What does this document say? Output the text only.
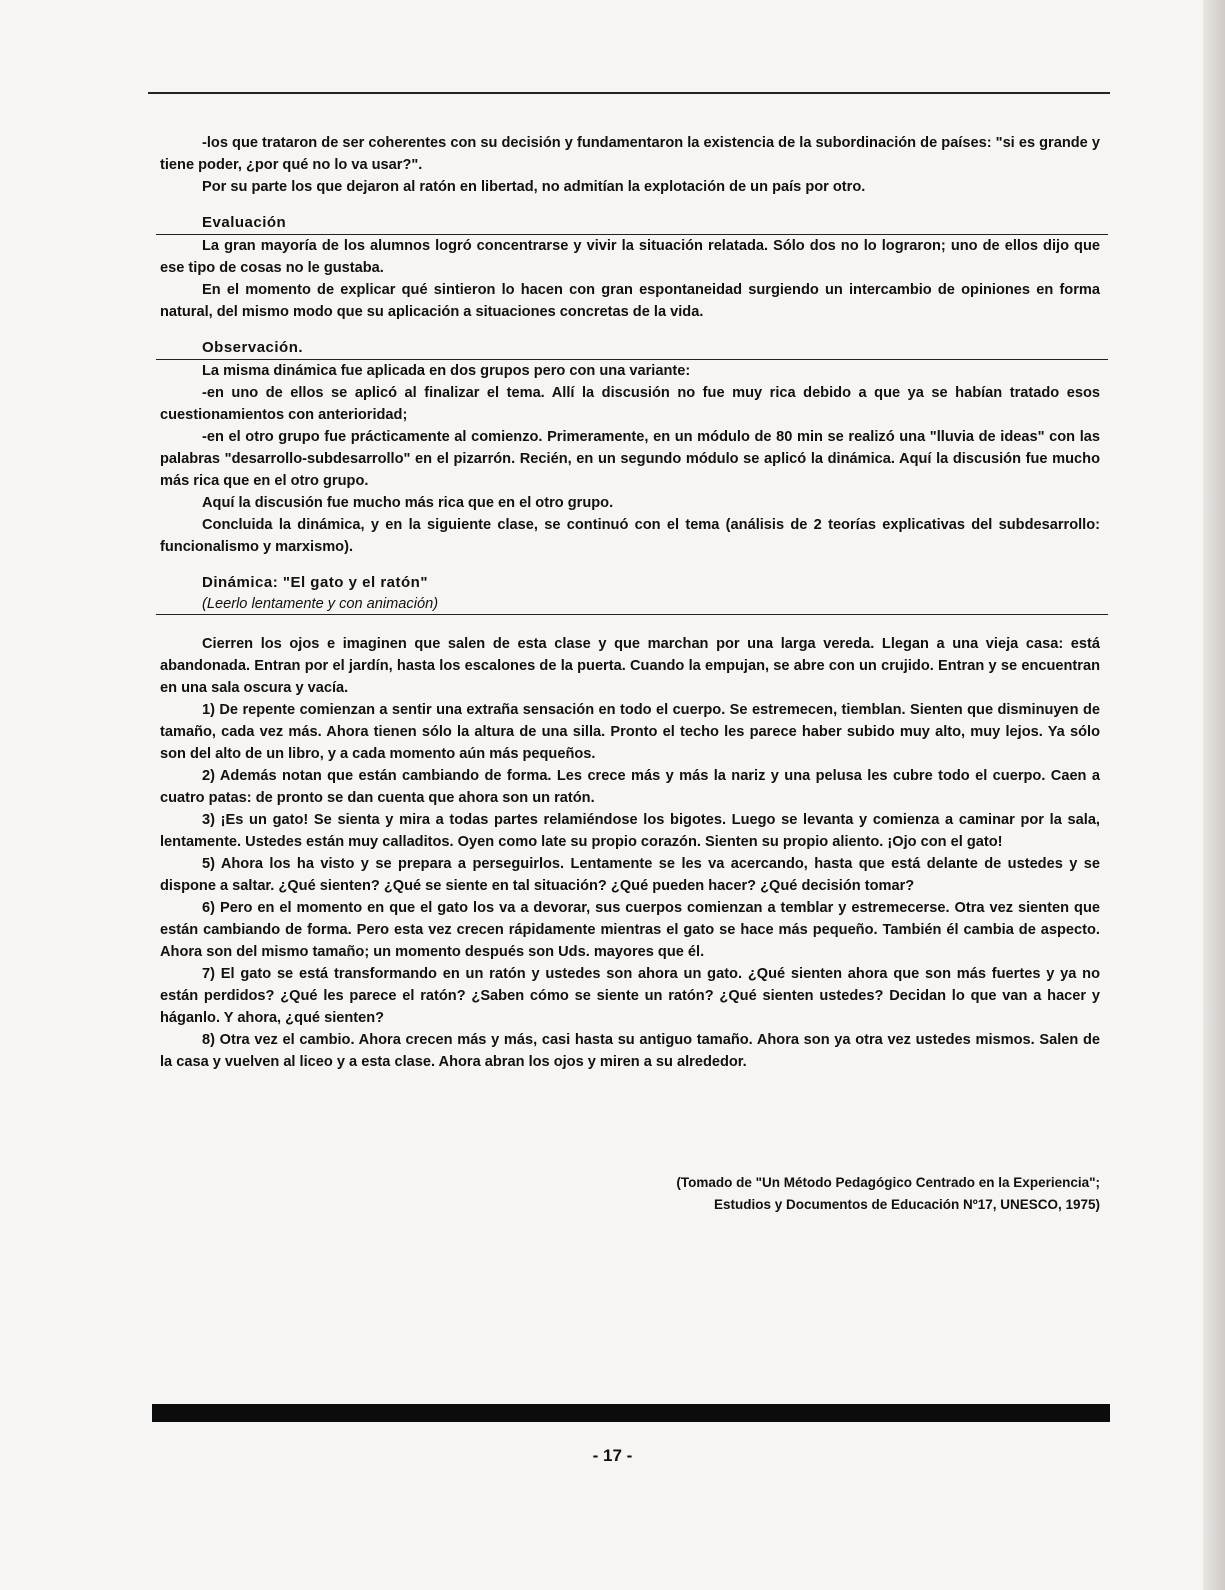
-los que trataron de ser coherentes con su decisión y fundamentaron la existencia de la subordinación de países: "si es grande y tiene poder, ¿por qué no lo va usar?".

Por su parte los que dejaron al ratón en libertad, no admitían la explotación de un país por otro.

Evaluación

La gran mayoría de los alumnos logró concentrarse y vivir la situación relatada. Sólo dos no lo lograron; uno de ellos dijo que ese tipo de cosas no le gustaba.

En el momento de explicar qué sintieron lo hacen con gran espontaneidad surgiendo un intercambio de opiniones en forma natural, del mismo modo que su aplicación a situaciones concretas de la vida.

Observación.

La misma dinámica fue aplicada en dos grupos pero con una variante:

-en uno de ellos se aplicó al finalizar el tema. Allí la discusión no fue muy rica debido a que ya se habían tratado esos cuestionamientos con anterioridad;

-en el otro grupo fue prácticamente al comienzo. Primeramente, en un módulo de 80 min se realizó una "lluvia de ideas" con las palabras "desarrollo-subdesarrollo" en el pizarrón. Recién, en un segundo módulo se aplicó la dinámica. Aquí la discusión fue mucho más rica que en el otro grupo.

Aquí la discusión fue mucho más rica que en el otro grupo.

Concluida la dinámica, y en la siguiente clase, se continuó con el tema (análisis de 2 teorías explicativas del subdesarrollo: funcionalismo y marxismo).

Dinámica: "El gato y el ratón"
(Leerlo lentamente y con animación)

Cierren los ojos e imaginen que salen de esta clase y que marchan por una larga vereda. Llegan a una vieja casa: está abandonada. Entran por el jardín, hasta los escalones de la puerta. Cuando la empujan, se abre con un crujido. Entran y se encuentran en una sala oscura y vacía.

1) De repente comienzan a sentir una extraña sensación en todo el cuerpo. Se estremecen, tiemblan. Sienten que disminuyen de tamaño, cada vez más. Ahora tienen sólo la altura de una silla. Pronto el techo les parece haber subido muy alto, muy lejos. Ya sólo son del alto de un libro, y a cada momento aún más pequeños.

2) Además notan que están cambiando de forma. Les crece más y más la nariz y una pelusa les cubre todo el cuerpo. Caen a cuatro patas: de pronto se dan cuenta que ahora son un ratón.

3) ¡Es un gato! Se sienta y mira a todas partes relamiéndose los bigotes. Luego se levanta y comienza a caminar por la sala, lentamente. Ustedes están muy calladitos. Oyen como late su propio corazón. Sienten su propio aliento. ¡Ojo con el gato!

5) Ahora los ha visto y se prepara a perseguirlos. Lentamente se les va acercando, hasta que está delante de ustedes y se dispone a saltar. ¿Qué sienten? ¿Qué se siente en tal situación? ¿Qué pueden hacer? ¿Qué decisión tomar?

6) Pero en el momento en que el gato los va a devorar, sus cuerpos comienzan a temblar y estremecerse. Otra vez sienten que están cambiando de forma. Pero esta vez crecen rápidamente mientras el gato se hace más pequeño. También él cambia de aspecto. Ahora son del mismo tamaño; un momento después son Uds. mayores que él.

7) El gato se está transformando en un ratón y ustedes son ahora un gato. ¿Qué sienten ahora que son más fuertes y ya no están perdidos? ¿Qué les parece el ratón? ¿Saben cómo se siente un ratón? ¿Qué sienten ustedes? Decidan lo que van a hacer y háganlo. Y ahora, ¿qué sienten?

8) Otra vez el cambio. Ahora crecen más y más, casi hasta su antiguo tamaño. Ahora son ya otra vez ustedes mismos. Salen de la casa y vuelven al liceo y a esta clase. Ahora abran los ojos y miren a su alrededor.

(Tomado de "Un Método Pedagógico Centrado en la Experiencia";
Estudios y Documentos de Educación Nº17, UNESCO, 1975)
- 17 -
